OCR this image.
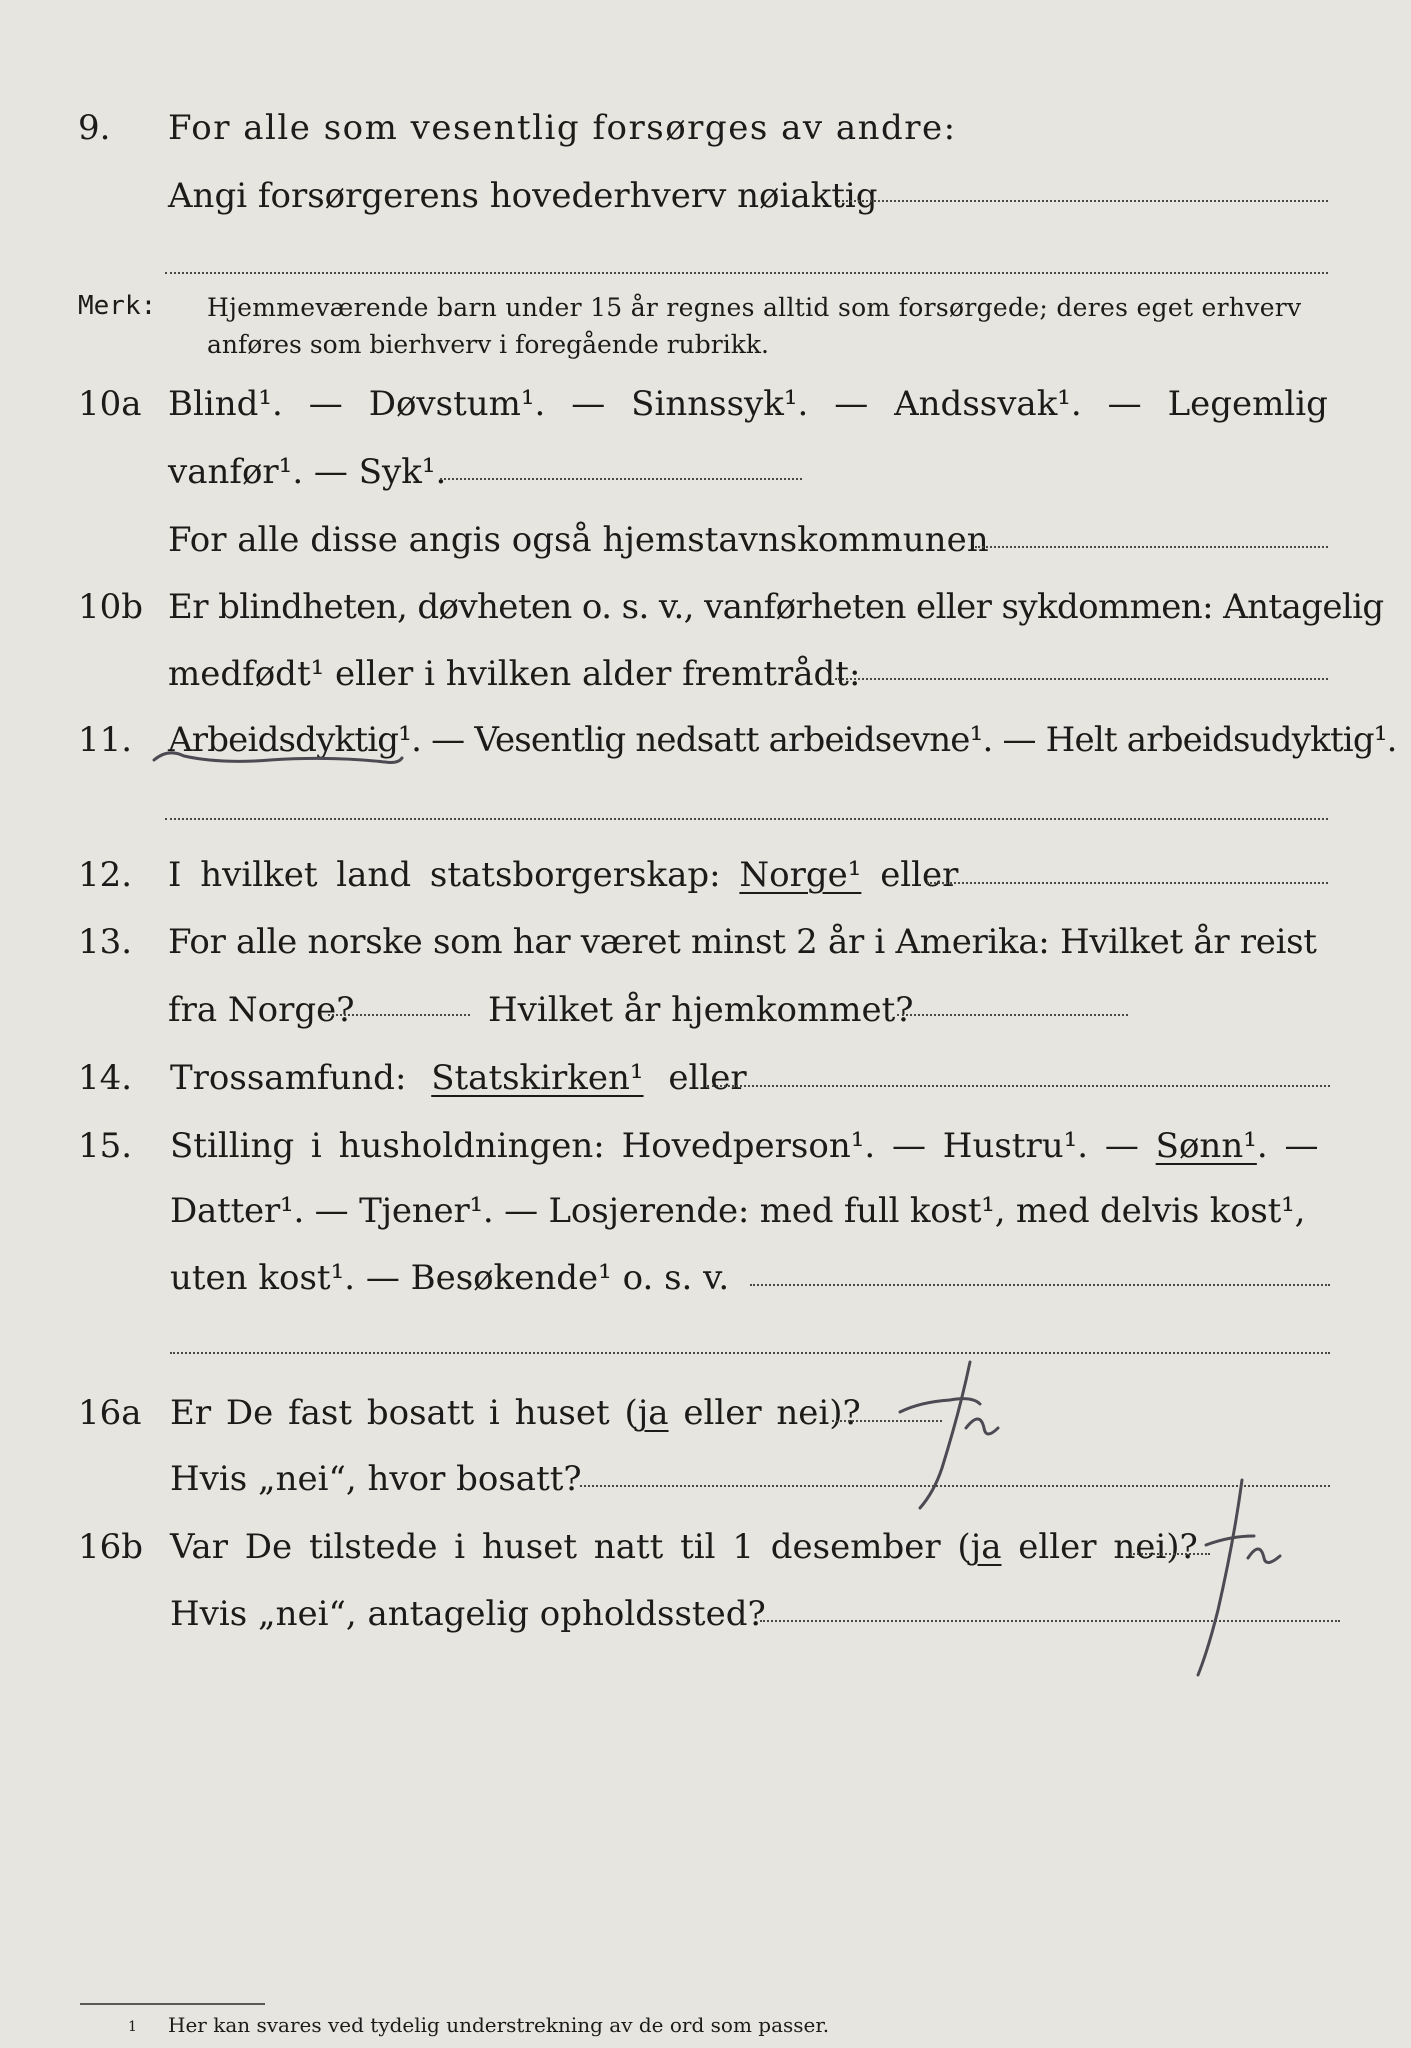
9. For alle som vesentlig forsørges av andre:
Angi forsørgerens hovederhverv nøiaktig
Merk: Hjemmeværende barn under 15 år regnes alltid som forsørgede; deres eget erhverv
anføres som bierhverv i foregående rubrikk.
10a Blind¹. — Døvstum¹. — Sinnssyk¹. — Andssvak¹. — Legemlig
vanfør¹. — Syk¹.
For alle disse angis også hjemstavnskommunen
10b Er blindheten, døvheten o. s. v., vanførheten eller sykdommen: Antagelig
medfødt¹ eller i hvilken alder fremtrådt:
11. Arbeidsdyktig¹. — Vesentlig nedsatt arbeidsevne¹. — Helt arbeidsudyktig¹.
12. I hvilket land statsborgerskap: Norge¹ eller
13. For alle norske som har været minst 2 år i Amerika: Hvilket år reist
fra Norge?	Hvilket år hjemkommet?
14. Trossamfund: Statskirken¹ eller
15. Stilling i husholdningen: Hovedperson¹. — Hustru¹. — Sønn¹. —
Datter¹. — Tjener¹. — Losjerende: med full kost¹, med delvis kost¹,
uten kost¹. — Besøkende¹ o. s. v.
16a Er De fast bosatt i huset (ja eller nei)?
Hvis „nei“, hvor bosatt?
16b Var De tilstede i huset natt til 1 desember (ja eller nei)?
Hvis „nei“, antagelig opholdssted?
1 Her kan svares ved tydelig understrekning av de ord som passer.
